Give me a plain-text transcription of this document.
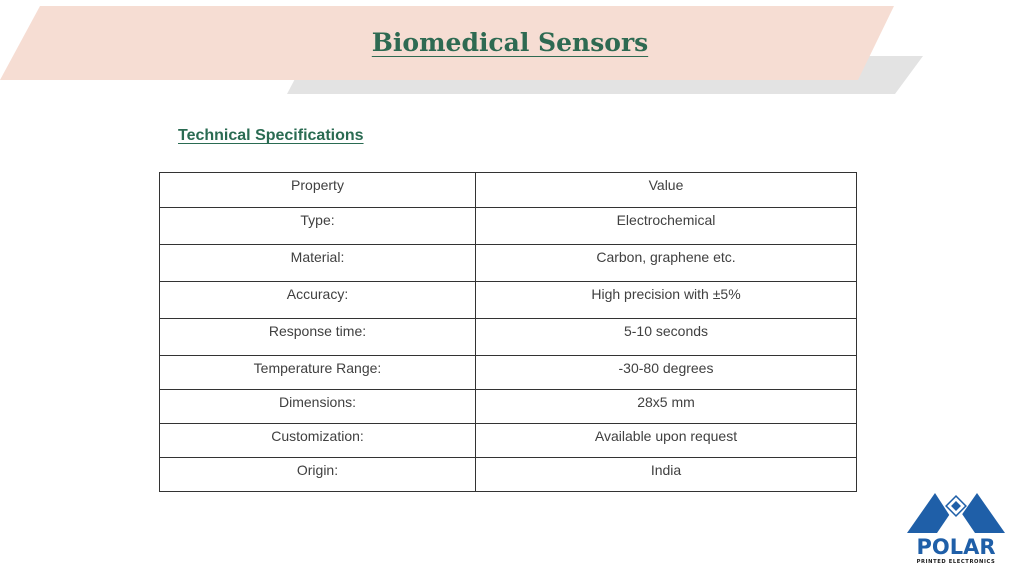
Biomedical Sensors
Technical Specifications
Property	Value
Type:	Electrochemical
Material:	Carbon, graphene etc.
Accuracy:	High precision with ±5%
Response time:	5-10 seconds
Temperature Range:	-30-80 degrees
Dimensions:	28x5 mm
Customization:	Available upon request
Origin:	India
POLAR
PRINTED ELECTRONICS
